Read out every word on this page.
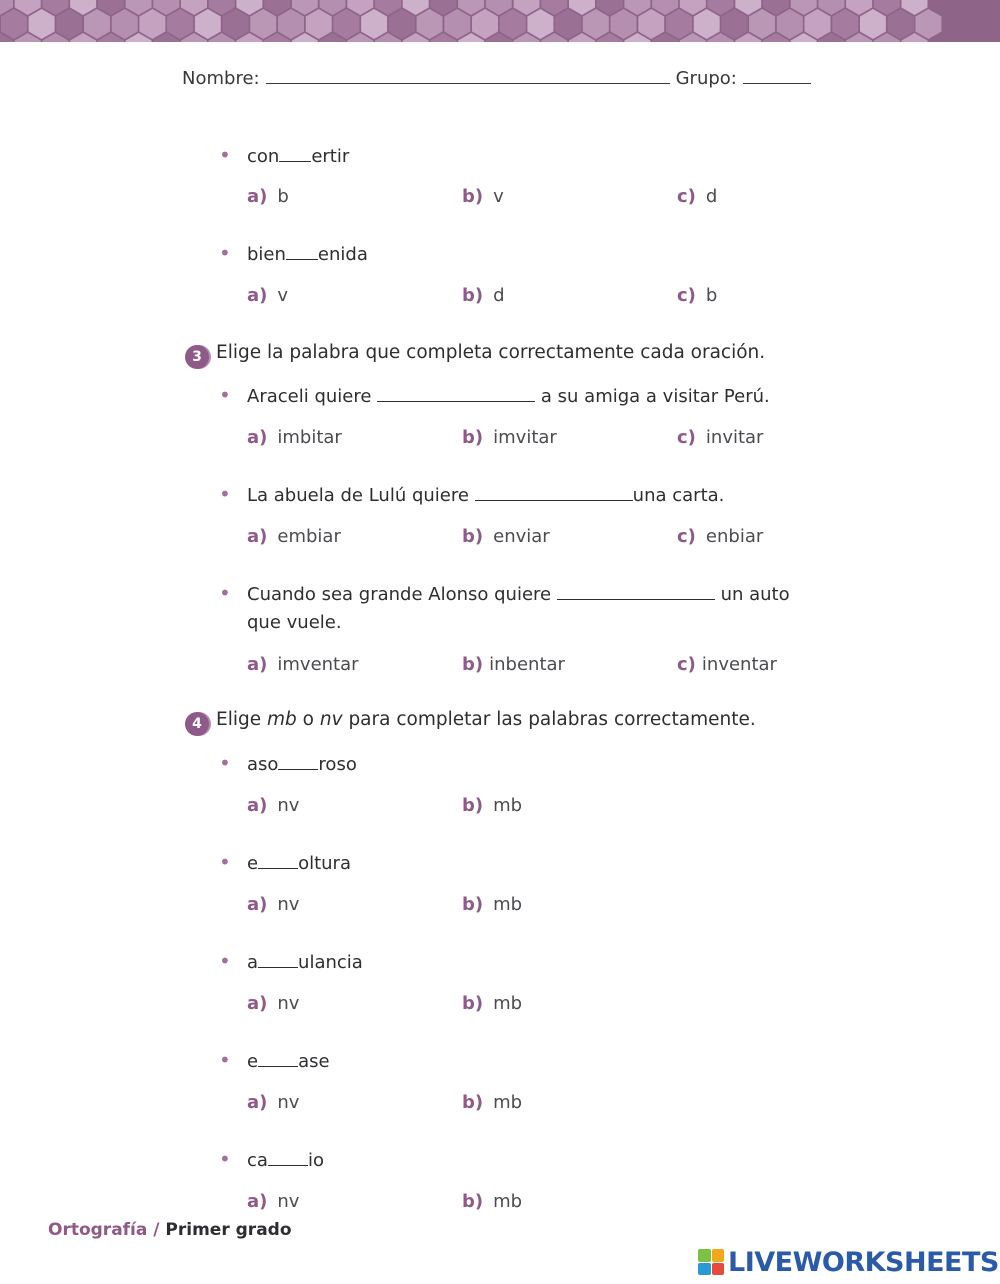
Nombre:	Grupo:
• con ertir
a) b	b) v	c) d
• bien enida
a) v	b) d	c) b
3 Elige la palabra que completa correctamente cada oración.
• Araceli quiere	a su amiga a visitar Perú.
a) imbitar	b) imvitar	c) invitar
• La abuela de Lulú quiere	una carta.
a) embiar	b) enviar	c) enbiar
• Cuando sea grande Alonso quiere	un auto
que vuele.
a) imventar	b) inbentar	c) inventar
4 Elige mb o nv para completar las palabras correctamente.
• aso roso
a) nv	b) mb
• e oltura
a) nv	b) mb
• a ulancia
a) nv	b) mb
• e ase
a) nv	b) mb
• ca io
a) nv	b) mb
Ortografía / Primer grado
LIVEWORKSHEETS
